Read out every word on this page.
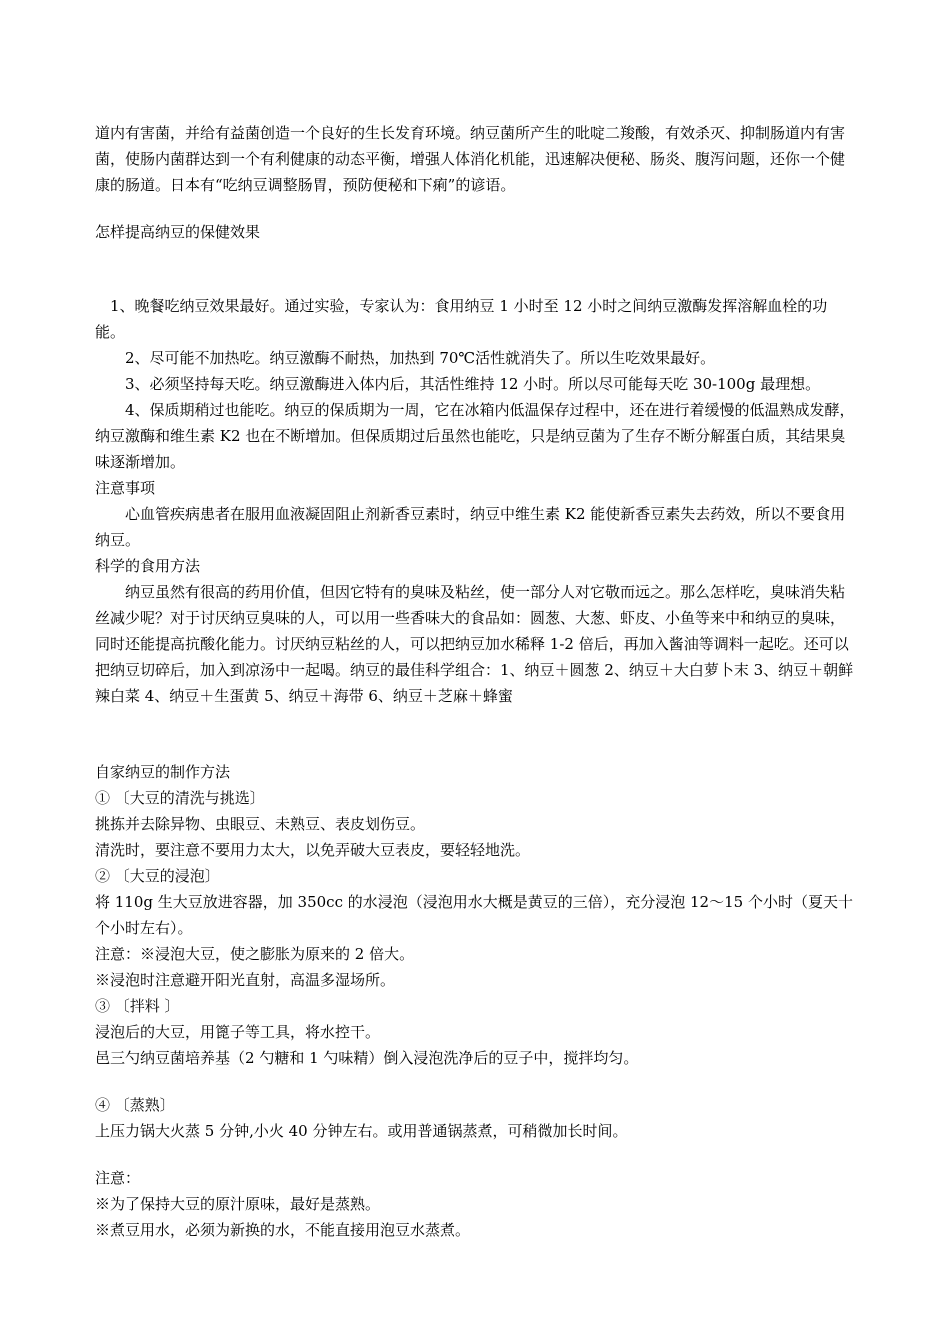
道内有害菌，并给有益菌创造一个良好的生长发育环境。纳豆菌所产生的吡啶二羧酸，有效杀灭、抑制肠道内有害菌，使肠内菌群达到一个有利健康的动态平衡，增强人体消化机能，迅速解决便秘、肠炎、腹泻问题，还你一个健康的肠道。日本有“吃纳豆调整肠胃，预防便秘和下痢”的谚语。

怎样提高纳豆的保健效果

1、晚餐吃纳豆效果最好。通过实验，专家认为：食用纳豆 1 小时至 12 小时之间纳豆激酶发挥溶解血栓的功能。

2、尽可能不加热吃。纳豆激酶不耐热，加热到 70℃活性就消失了。所以生吃效果最好。

3、必须坚持每天吃。纳豆激酶进入体内后，其活性维持 12 小时。所以尽可能每天吃 30-100g 最理想。

4、保质期稍过也能吃。纳豆的保质期为一周，它在冰箱内低温保存过程中，还在进行着缓慢的低温熟成发酵，纳豆激酶和维生素 K2 也在不断增加。但保质期过后虽然也能吃，只是纳豆菌为了生存不断分解蛋白质，其结果臭味逐渐增加。

注意事项

心血管疾病患者在服用血液凝固阻止剂新香豆素时，纳豆中维生素 K2 能使新香豆素失去药效，所以不要食用纳豆。

科学的食用方法

纳豆虽然有很高的药用价值，但因它特有的臭味及粘丝，使一部分人对它敬而远之。那么怎样吃，臭味消失粘丝减少呢？对于讨厌纳豆臭味的人，可以用一些香味大的食品如：圆葱、大葱、虾皮、小鱼等来中和纳豆的臭味，同时还能提高抗酸化能力。讨厌纳豆粘丝的人，可以把纳豆加水稀释 1-2 倍后，再加入酱油等调料一起吃。还可以把纳豆切碎后，加入到凉汤中一起喝。纳豆的最佳科学组合：1、纳豆＋圆葱 2、纳豆＋大白萝卜末 3、纳豆＋朝鲜辣白菜 4、纳豆＋生蛋黄 5、纳豆＋海带 6、纳豆＋芝麻＋蜂蜜

自家纳豆的制作方法

① 〔大豆的清洗与挑选〕

挑拣并去除异物、虫眼豆、未熟豆、表皮划伤豆。

清洗时，要注意不要用力太大，以免弄破大豆表皮，要轻轻地洗。

② 〔大豆的浸泡〕

将 110g 生大豆放进容器，加 350cc 的水浸泡（浸泡用水大概是黄豆的三倍），充分浸泡 12～15 个小时（夏天十个小时左右）。

注意：※浸泡大豆，使之膨胀为原来的 2 倍大。

※浸泡时注意避开阳光直射，高温多湿场所。

③ 〔拌料 〕

浸泡后的大豆，用篦子等工具，将水控干。

邑三勺纳豆菌培养基（2 勺糖和 1 勺味精）倒入浸泡洗净后的豆子中，搅拌均匀。

④ 〔蒸熟〕

上压力锅大火蒸 5 分钟,小火 40 分钟左右。或用普通锅蒸煮，可稍微加长时间。

注意：

※为了保持大豆的原汁原味，最好是蒸熟。

※煮豆用水，必须为新换的水，不能直接用泡豆水蒸煮。
